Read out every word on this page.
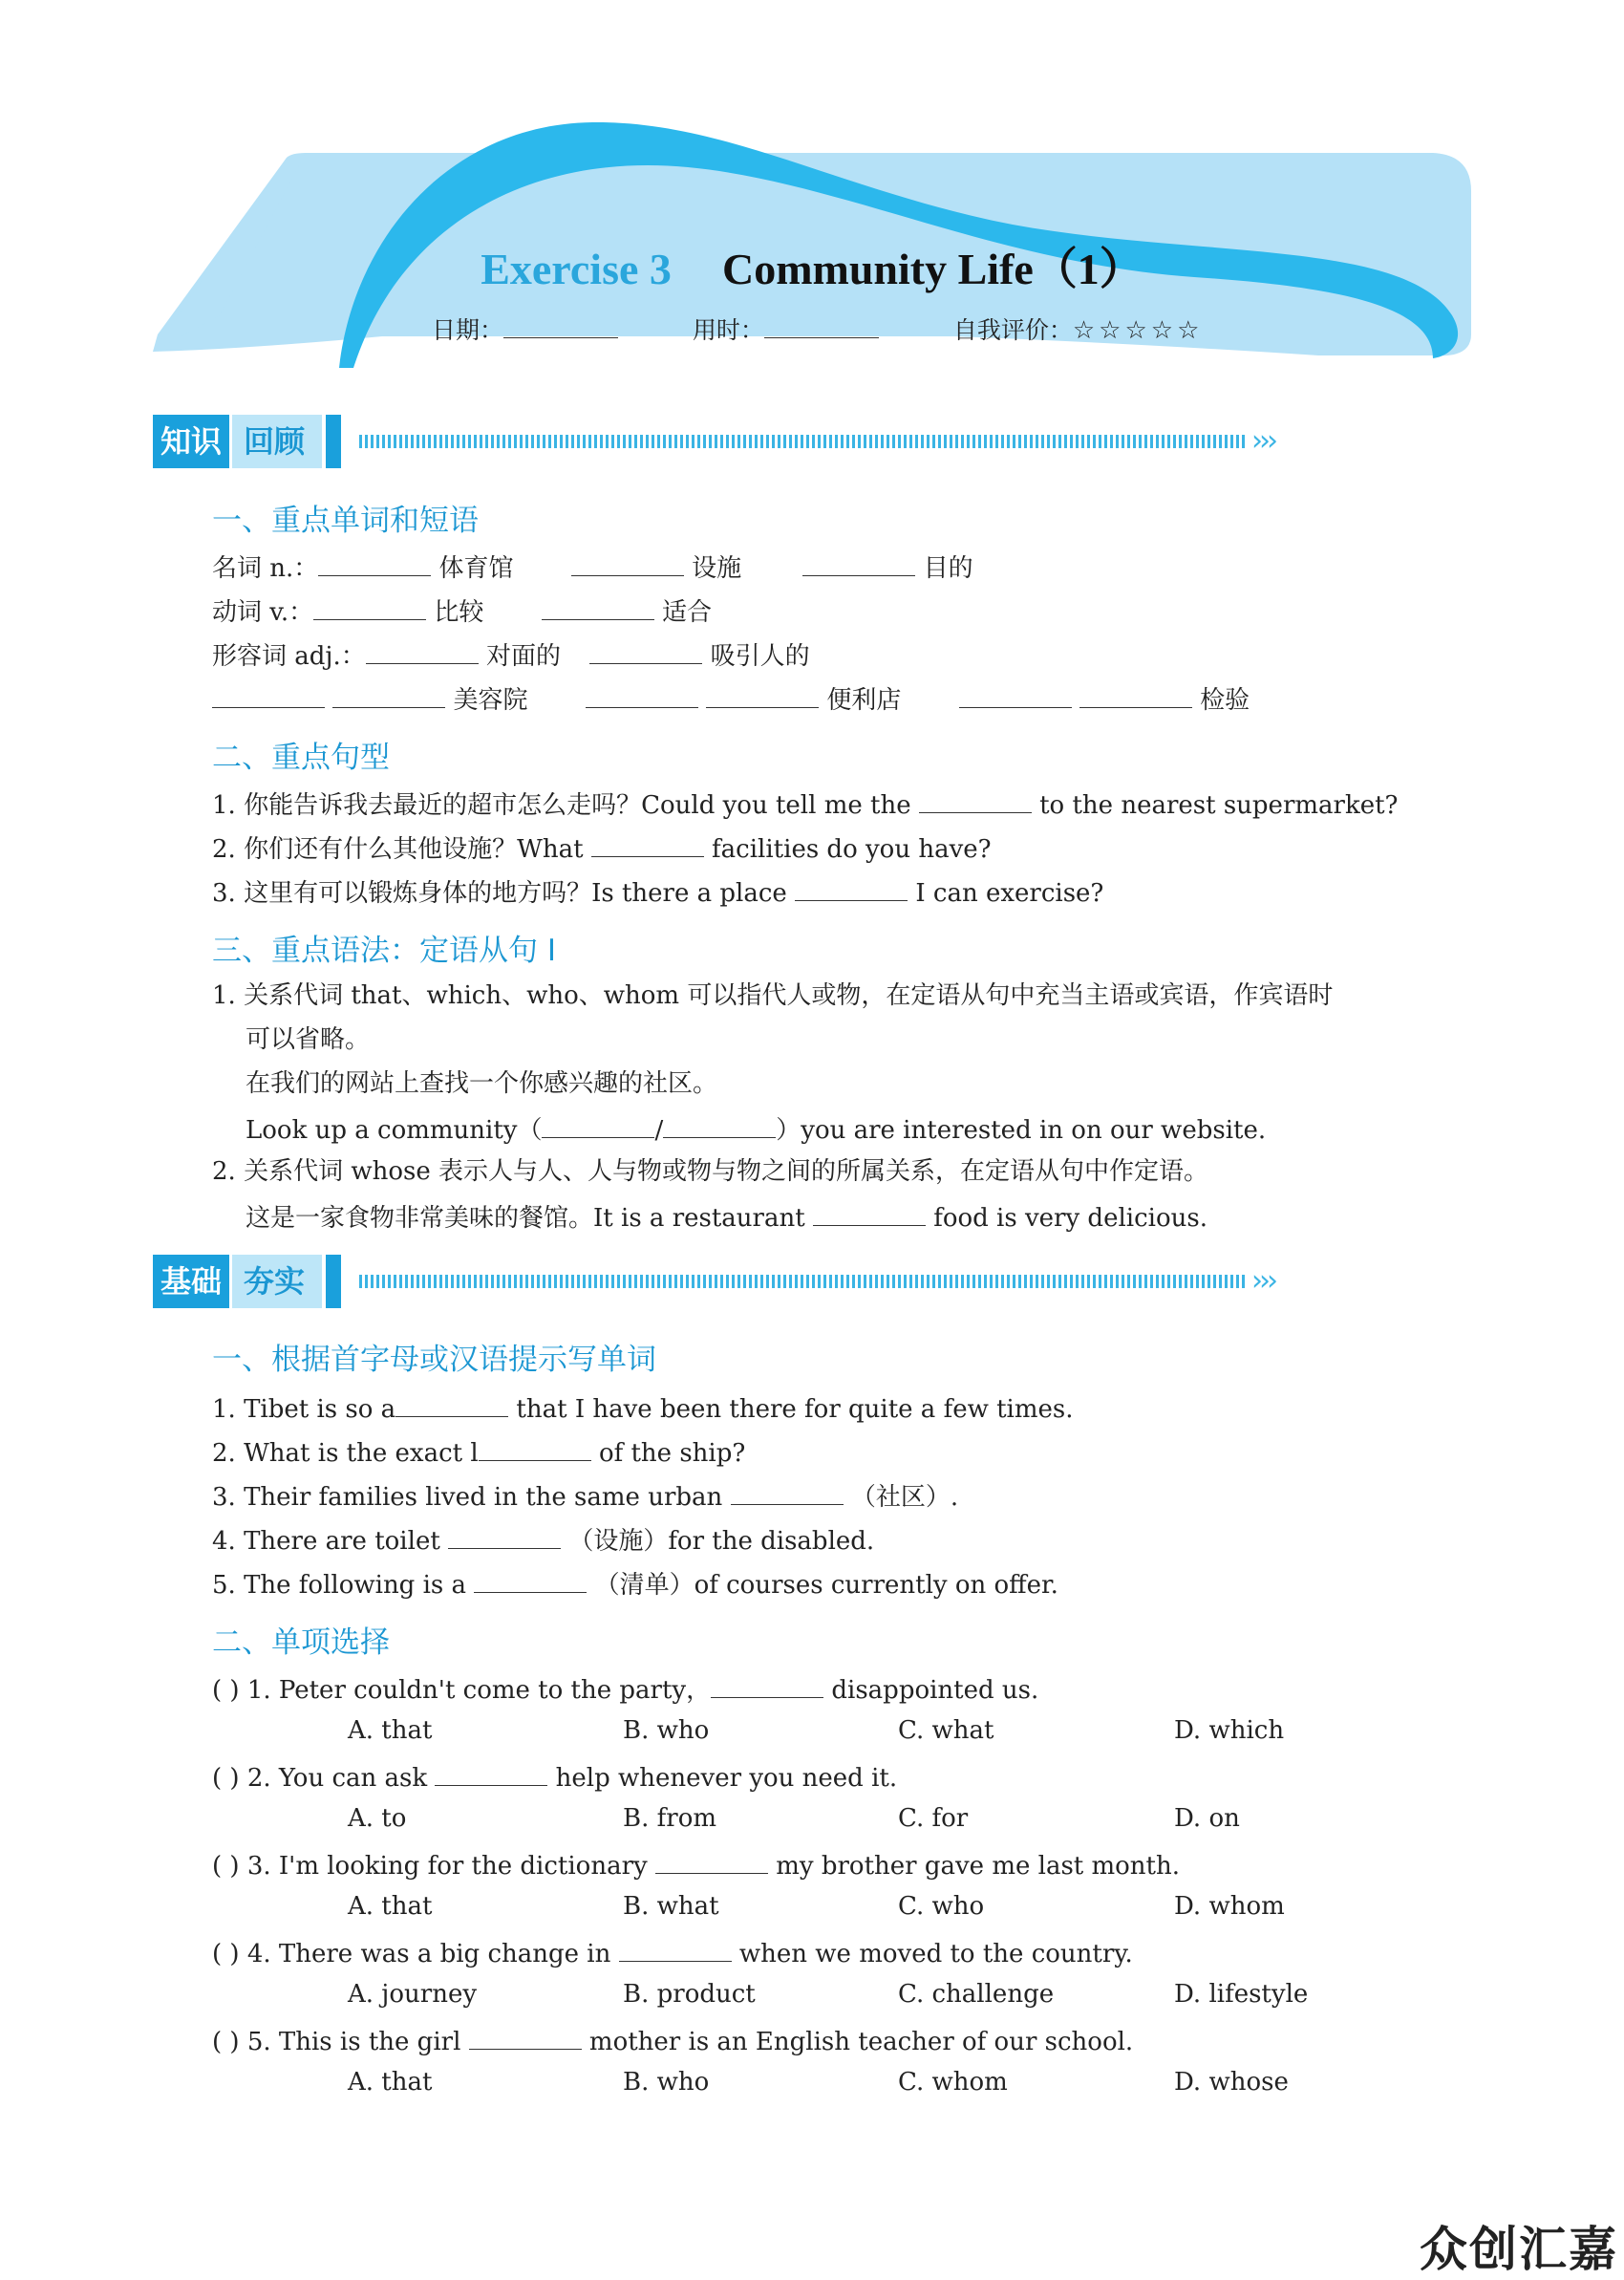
Exercise 3 Community Life（1）
日期：	用时：	自我评价：☆☆☆☆☆
知识 回顾	›››
一、重点单词和短语
名词 n.：	体育馆	设施	目的
动词 v.：	比较	适合
形容词 adj.：	对面的	吸引人的
美容院	便利店	检验
二、重点句型
1. 你能告诉我去最近的超市怎么走吗？Could you tell me the	to the nearest supermarket?
2. 你们还有什么其他设施？What	facilities do you have?
3. 这里有可以锻炼身体的地方吗？Is there a place	I can exercise?
三、重点语法：定语从句 Ⅰ
1. 关系代词 that、which、who、whom 可以指代人或物，在定语从句中充当主语或宾语，作宾语时
可以省略。
在我们的网站上查找一个你感兴趣的社区。
Look up a community（	/	）you are interested in on our website.
2. 关系代词 whose 表示人与人、人与物或物与物之间的所属关系，在定语从句中作定语。
这是一家食物非常美味的餐馆。It is a restaurant	food is very delicious.
基础 夯实	›››
一、根据首字母或汉语提示写单词
1. Tibet is so a	that I have been there for quite a few times.
2. What is the exact l	of the ship?
3. Their families lived in the same urban	（社区）.
4. There are toilet	（设施）for the disabled.
5. The following is a	（清单）of courses currently on offer.
二、单项选择
( ) 1. Peter couldn't come to the party，	disappointed us.
A. that	B. who	C. what	D. which
( ) 2. You can ask	help whenever you need it.
A. to	B. from	C. for	D. on
( ) 3. I'm looking for the dictionary	my brother gave me last month.
A. that	B. what	C. who	D. whom
( ) 4. There was a big change in	when we moved to the country.
A. journey	B. product	C. challenge	D. lifestyle
( ) 5. This is the girl	mother is an English teacher of our school.
A. that	B. who	C. whom	D. whose
众创汇嘉
